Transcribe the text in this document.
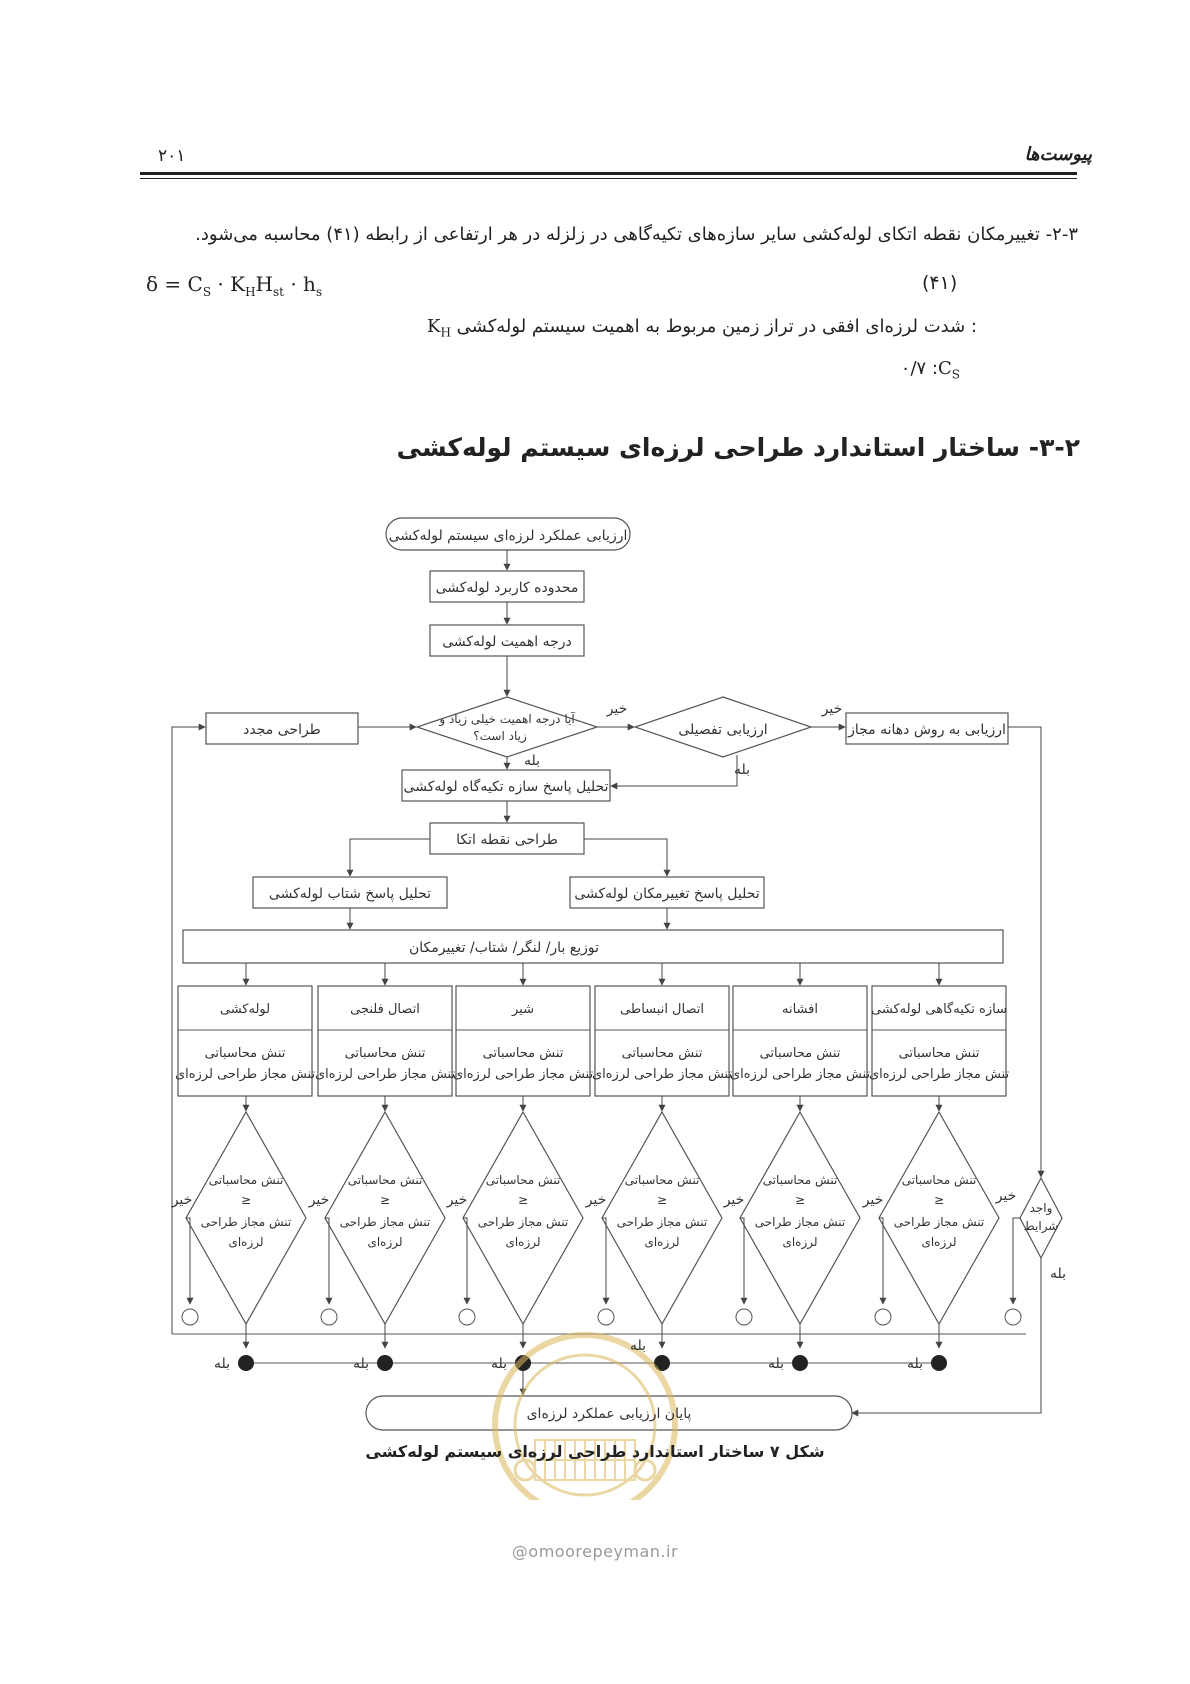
۲۰۱	پیوست‌ها
۲-۳- تغییرمکان نقطه اتکای لوله‌کشی سایر سازه‌های تکیه‌گاهی در زلزله در هر ارتفاعی از رابطه (۴۱) محاسبه می‌شود.
$\delta = C_S \cdot K_HH_{st} \cdot h_s$	(۴۱)
: شدت لرزه‌ای افقی در تراز زمین مربوط به اهمیت سیستم لوله‌کشی $K_H$
۰/۷ $:C_S$
۳-۲- ساختار استاندارد طراحی لرزه‌ای سیستم لوله‌کشی
ارزیابی عملکرد لرزه‌ای سیستم لوله‌کشی
محدوده کاربرد لوله‌کشی
درجه اهمیت لوله‌کشی
آیا درجه اهمیت خیلی زیاد و
زیاد است؟
طراحی مجدد	ارزیابی تفصیلی	ارزیابی به روش دهانه مجاز
تحلیل پاسخ سازه تکیه‌گاه لوله‌کشی
طراحی نقطه اتکا
تحلیل پاسخ شتاب لوله‌کشی	تحلیل پاسخ تغییرمکان لوله‌کشی
توزیع بار/ لنگر/ شتاب/ تغییرمکان
لوله‌کشی	اتصال فلنجی	شیر	اتصال انبساطی	افشانه	سازه تکیه‌گاهی لوله‌کشی
تنش محاسباتی
تنش مجاز طراحی لرزه‌ای
تنش محاسباتی
تنش مجاز طراحی لرزه‌ای
تنش محاسباتی
تنش مجاز طراحی لرزه‌ای
تنش محاسباتی
تنش مجاز طراحی لرزه‌ای
تنش محاسباتی
تنش مجاز طراحی لرزه‌ای
تنش محاسباتی
تنش مجاز طراحی لرزه‌ای
تنش محاسباتی
≤
تنش مجاز طراحی
لرزه‌ای
تنش محاسباتی
≤
تنش مجاز طراحی
لرزه‌ای
تنش محاسباتی
≤
تنش مجاز طراحی
لرزه‌ای
تنش محاسباتی
≤
تنش مجاز طراحی
لرزه‌ای
تنش محاسباتی
≤
تنش مجاز طراحی
لرزه‌ای
تنش محاسباتی
≤
تنش مجاز طراحی
لرزه‌ای
واجد
شرایط
خیر	خیر
بله
بله
خیر	خیر	خیر	خیر	خیر	خیر	خیر
بله
بله	بله	بله
بله
بله	بله
پایان ارزیابی عملکرد لرزه‌ای
شکل ۷ ساختار استاندارد طراحی لرزه‌ای سیستم لوله‌کشی
@omoorepeyman.ir
